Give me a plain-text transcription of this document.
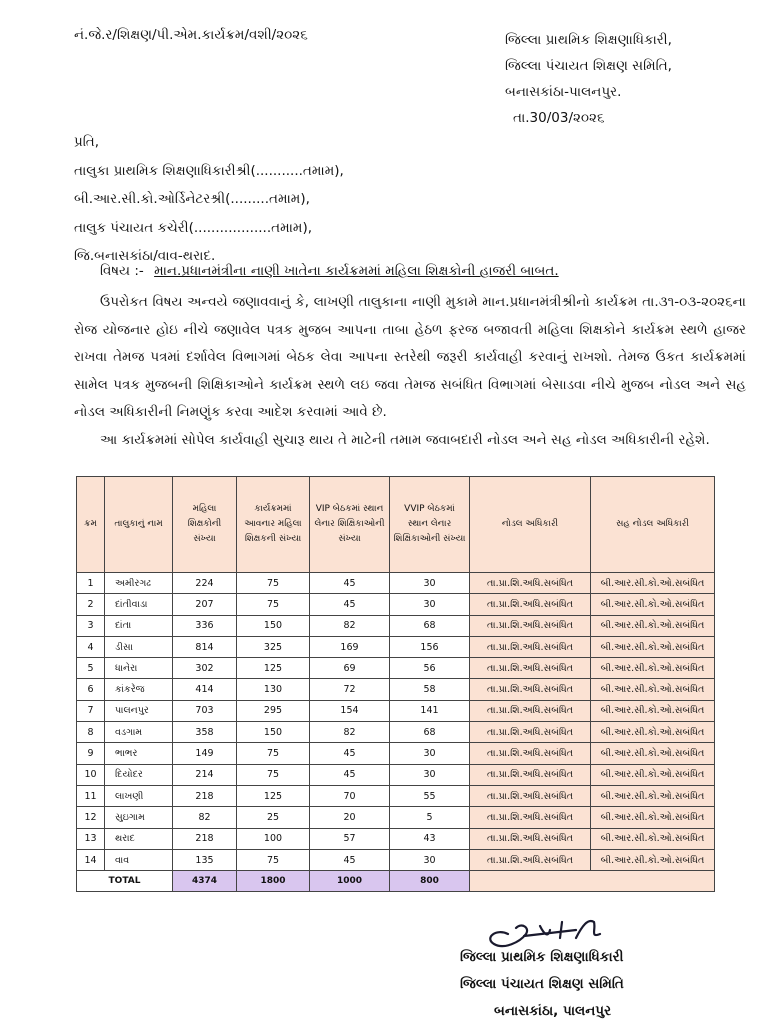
નં.જે.ર/શિક્ષણ/પી.એમ.કાર્યક્રમ/વશી/૨૦૨૬	જિલ્લા પ્રાથમિક શિક્ષણાધિકારી,
જિલ્લા પંચાયત શિક્ષણ સમિતિ,
બનાસકાંઠા-પાલનપુર.
તા.30/03/૨૦૨૬
પ્રતિ,
તાલુકા પ્રાથમિક શિક્ષણાધિકારીશ્રી(...........તમામ),
બી.આર.સી.કો.ઓર્ડિનેટરશ્રી(.........તમામ),
તાલુક પંચાયત કચેરી(..................તમામ),
જિ.બનાસકાંઠા/વાવ-થરાદ.
વિષય :- માન.પ્રધાનમંત્રીના નાણી ખાતેના કાર્યક્રમમાં મહિલા શિક્ષકોની હાજરી બાબત.

ઉપરોકત વિષય અન્વયે જણાવવાનું કે, લાખણી તાલુકાના નાણી મુકામે માન.પ્રધાનમંત્રીશ્રીનો કાર્યક્રમ તા.૩૧-૦૩-૨૦૨૬ના રોજ યોજનાર હોઇ નીચે જણાવેલ પત્રક મુજબ આપના તાબા હેઠળ ફરજ બજાવતી મહિલા શિક્ષકોને કાર્યક્રમ સ્થળે હાજર રાખવા તેમજ પત્રમાં દર્શાવેલ વિભાગમાં બેઠક લેવા આપના સ્તરેથી જરૂરી કાર્યવાહી કરવાનું રાખશો. તેમજ ઉકત કાર્યક્રમમાં સામેલ પત્રક મુજબની શિક્ષિકાઓને કાર્યક્રમ સ્થળે લઇ જવા તેમજ સબંધિત વિભાગમાં બેસાડવા નીચે મુજબ નોડલ અને સહ નોડલ અધિકારીની નિમણુંક કરવા આદેશ કરવામાં આવે છે.

આ કાર્યક્રમમાં સોપેલ કાર્યવાહી સુચારૂ થાય તે માટેની તમામ જવાબદારી નોડલ અને સહ નોડલ અધિકારીની રહેશે.

ક્રમ	તાલુકાનું નામ	મહિલા શિક્ષકોની સંખ્યા	કાર્યક્રમમાં આવનાર મહિલા શિક્ષકની સંખ્યા	VIP બેઠકમાં સ્થાન લેનાર શિક્ષિકાઓની સંખ્યા	VVIP બેઠકમાં સ્થાન લેનાર શિક્ષિકાઓની સંખ્યા	નોડલ અધિકારી	સહ નોડલ અધિકારી
1	અમીરગઢ	224	75	45	30	તા.પ્રા.શિ.અધિ.સબંધિત	બી.આર.સી.કો.ઓ.સબંધિત
2	દાંતીવાડા	207	75	45	30	તા.પ્રા.શિ.અધિ.સબંધિત	બી.આર.સી.કો.ઓ.સબંધિત
3	દાંતા	336	150	82	68	તા.પ્રા.શિ.અધિ.સબંધિત	બી.આર.સી.કો.ઓ.સબંધિત
4	ડીસા	814	325	169	156	તા.પ્રા.શિ.અધિ.સબંધિત	બી.આર.સી.કો.ઓ.સબંધિત
5	ધાનેરા	302	125	69	56	તા.પ્રા.શિ.અધિ.સબંધિત	બી.આર.સી.કો.ઓ.સબંધિત
6	કાંકરેજ	414	130	72	58	તા.પ્રા.શિ.અધિ.સબંધિત	બી.આર.સી.કો.ઓ.સબંધિત
7	પાલનપુર	703	295	154	141	તા.પ્રા.શિ.અધિ.સબંધિત	બી.આર.સી.કો.ઓ.સબંધિત
8	વડગામ	358	150	82	68	તા.પ્રા.શિ.અધિ.સબંધિત	બી.આર.સી.કો.ઓ.સબંધિત
9	ભાભર	149	75	45	30	તા.પ્રા.શિ.અધિ.સબંધિત	બી.આર.સી.કો.ઓ.સબંધિત
10	દિયોદર	214	75	45	30	તા.પ્રા.શિ.અધિ.સબંધિત	બી.આર.સી.કો.ઓ.સબંધિત
11	લાખણી	218	125	70	55	તા.પ્રા.શિ.અધિ.સબંધિત	બી.આર.સી.કો.ઓ.સબંધિત
12	સુઇગામ	82	25	20	5	તા.પ્રા.શિ.અધિ.સબંધિત	બી.આર.સી.કો.ઓ.સબંધિત
13	થરાદ	218	100	57	43	તા.પ્રા.શિ.અધિ.સબંધિત	બી.આર.સી.કો.ઓ.સબંધિત
14	વાવ	135	75	45	30	તા.પ્રા.શિ.અધિ.સબંધિત	બી.આર.સી.કો.ઓ.સબંધિત
TOTAL		4374	1800	1000	800		
જિલ્લા પ્રાથમિક શિક્ષણાધિકારી
જિલ્લા પંચાયત શિક્ષણ સમિતિ
બનાસકાંઠા, પાલનપુર
